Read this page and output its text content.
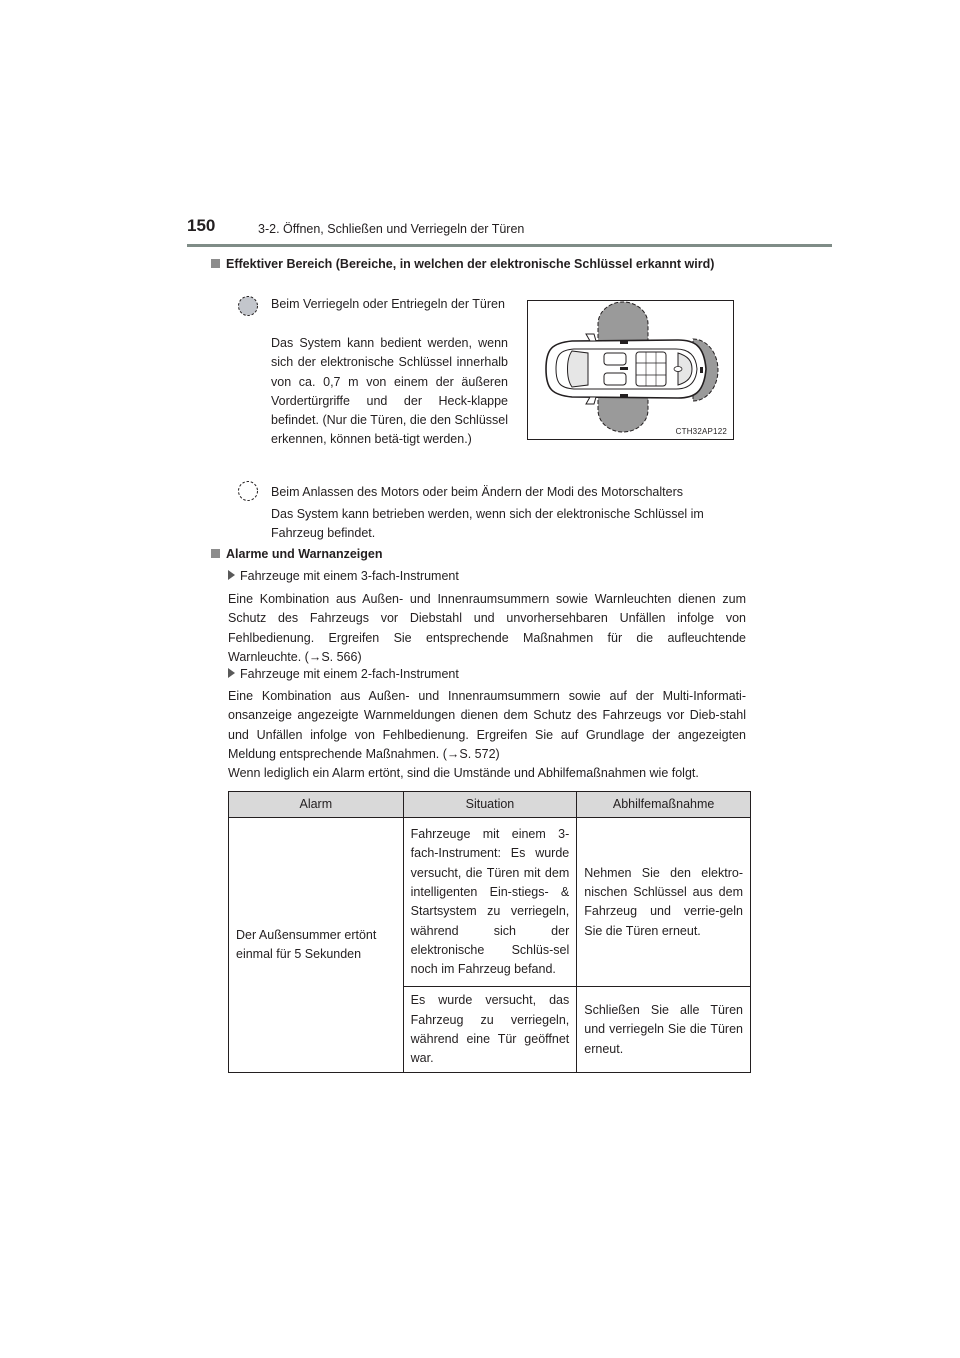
150	3-2. Öffnen, Schließen und Verriegeln der Türen
Effektiver Bereich (Bereiche, in welchen der elektronische Schlüssel erkannt wird)
Beim Verriegeln oder Entriegeln der Türen
Das System kann bedient werden, wenn sich der elektronische Schlüssel innerhalb von ca. 0,7 m von einem der äußeren Vordertürgriffe und der Heck-klappe befindet. (Nur die Türen, die den Schlüssel erkennen, können betä-tigt werden.)
CTH32AP122
Beim Anlassen des Motors oder beim Ändern der Modi des Motorschalters
Das System kann betrieben werden, wenn sich der elektronische Schlüssel im Fahrzeug befindet.
Alarme und Warnanzeigen
Fahrzeuge mit einem 3-fach-Instrument
Eine Kombination aus Außen- und Innenraumsummern sowie Warnleuchten dienen zum Schutz des Fahrzeugs vor Diebstahl und unvorhersehbaren Unfällen infolge von Fehlbedienung. Ergreifen Sie entsprechende Maßnahmen für die aufleuchtende Warnleuchte. (→S. 566)
Fahrzeuge mit einem 2-fach-Instrument
Eine Kombination aus Außen- und Innenraumsummern sowie auf der Multi-Informati-onsanzeige angezeigte Warnmeldungen dienen dem Schutz des Fahrzeugs vor Dieb-stahl und Unfällen infolge von Fehlbedienung. Ergreifen Sie auf Grundlage der angezeigten Meldung entsprechende Maßnahmen. (→S. 572)
Wenn lediglich ein Alarm ertönt, sind die Umstände und Abhilfemaßnahmen wie folgt.
Alarm	Situation	Abhilfemaßnahme
Der Außensummer ertönt einmal für 5 Sekunden	Fahrzeuge mit einem 3-fach-Instrument: Es wurde versucht, die Türen mit dem intelligenten Ein-stiegs- & Startsystem zu verriegeln, während sich der elektronische Schlüs-sel noch im Fahrzeug befand.	Nehmen Sie den elektro-nischen Schlüssel aus dem Fahrzeug und verrie-geln Sie die Türen erneut.
	Es wurde versucht, das Fahrzeug zu verriegeln, während eine Tür geöffnet war.	Schließen Sie alle Türen und verriegeln Sie die Türen erneut.
